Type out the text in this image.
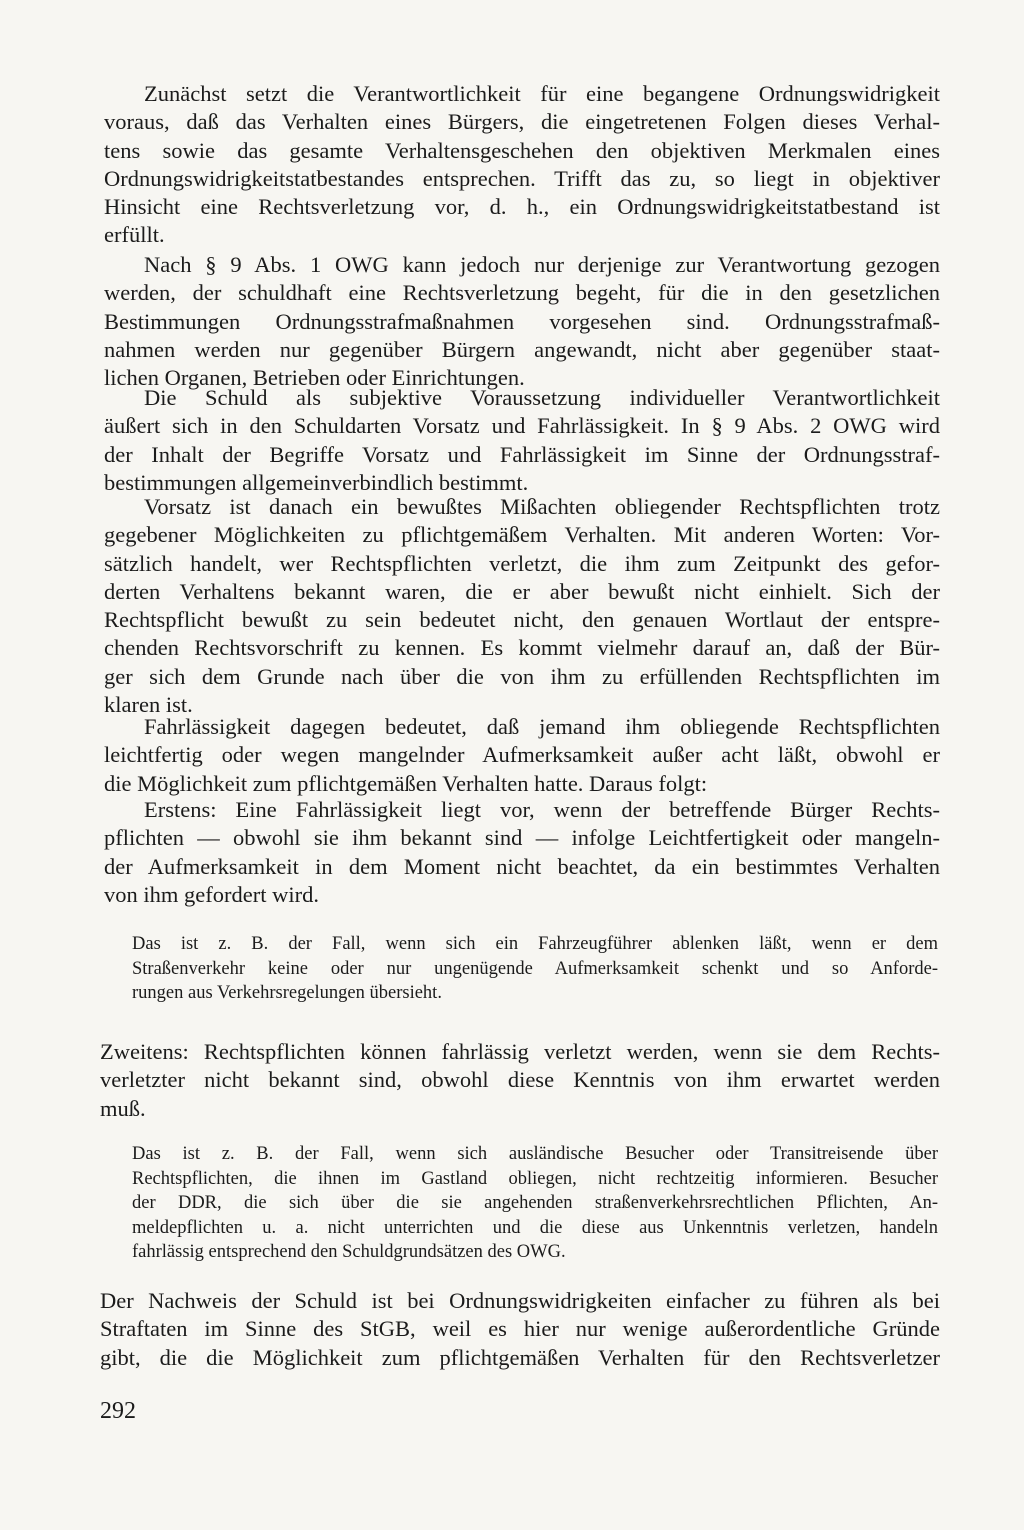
Zunächst setzt die Verantwortlichkeit für eine begangene Ordnungswidrigkeit
voraus, daß das Verhalten eines Bürgers, die eingetretenen Folgen dieses Verhal-
tens sowie das gesamte Verhaltensgeschehen den objektiven Merkmalen eines
Ordnungswidrigkeitstatbestandes entsprechen. Trifft das zu, so liegt in objektiver
Hinsicht eine Rechtsverletzung vor, d. h., ein Ordnungswidrigkeitstatbestand ist
erfüllt.
Nach § 9 Abs. 1 OWG kann jedoch nur derjenige zur Verantwortung gezogen
werden, der schuldhaft eine Rechtsverletzung begeht, für die in den gesetzlichen
Bestimmungen Ordnungsstrafmaßnahmen vorgesehen sind. Ordnungsstrafmaß-
nahmen werden nur gegenüber Bürgern angewandt, nicht aber gegenüber staat-
lichen Organen, Betrieben oder Einrichtungen.
Die Schuld als subjektive Voraussetzung individueller Verantwortlichkeit
äußert sich in den Schuldarten Vorsatz und Fahrlässigkeit. In § 9 Abs. 2 OWG wird
der Inhalt der Begriffe Vorsatz und Fahrlässigkeit im Sinne der Ordnungsstraf-
bestimmungen allgemeinverbindlich bestimmt.
Vorsatz ist danach ein bewußtes Mißachten obliegender Rechtspflichten trotz
gegebener Möglichkeiten zu pflichtgemäßem Verhalten. Mit anderen Worten: Vor-
sätzlich handelt, wer Rechtspflichten verletzt, die ihm zum Zeitpunkt des gefor-
derten Verhaltens bekannt waren, die er aber bewußt nicht einhielt. Sich der
Rechtspflicht bewußt zu sein bedeutet nicht, den genauen Wortlaut der entspre-
chenden Rechtsvorschrift zu kennen. Es kommt vielmehr darauf an, daß der Bür-
ger sich dem Grunde nach über die von ihm zu erfüllenden Rechtspflichten im
klaren ist.
Fahrlässigkeit dagegen bedeutet, daß jemand ihm obliegende Rechtspflichten
leichtfertig oder wegen mangelnder Aufmerksamkeit außer acht läßt, obwohl er
die Möglichkeit zum pflichtgemäßen Verhalten hatte. Daraus folgt:
Erstens: Eine Fahrlässigkeit liegt vor, wenn der betreffende Bürger Rechts-
pflichten — obwohl sie ihm bekannt sind — infolge Leichtfertigkeit oder mangeln-
der Aufmerksamkeit in dem Moment nicht beachtet, da ein bestimmtes Verhalten
von ihm gefordert wird.
Das ist z. B. der Fall, wenn sich ein Fahrzeugführer ablenken läßt, wenn er dem
Straßenverkehr keine oder nur ungenügende Aufmerksamkeit schenkt und so Anforde-
rungen aus Verkehrsregelungen übersieht.
Zweitens: Rechtspflichten können fahrlässig verletzt werden, wenn sie dem Rechts-
verletzter nicht bekannt sind, obwohl diese Kenntnis von ihm erwartet werden
muß.
Das ist z. B. der Fall, wenn sich ausländische Besucher oder Transitreisende über
Rechtspflichten, die ihnen im Gastland obliegen, nicht rechtzeitig informieren. Besucher
der DDR, die sich über die sie angehenden straßenverkehrsrechtlichen Pflichten, An-
meldepflichten u. a. nicht unterrichten und die diese aus Unkenntnis verletzen, handeln
fahrlässig entsprechend den Schuldgrundsätzen des OWG.
Der Nachweis der Schuld ist bei Ordnungswidrigkeiten einfacher zu führen als bei
Straftaten im Sinne des StGB, weil es hier nur wenige außerordentliche Gründe
gibt, die die Möglichkeit zum pflichtgemäßen Verhalten für den Rechtsverletzer
292
